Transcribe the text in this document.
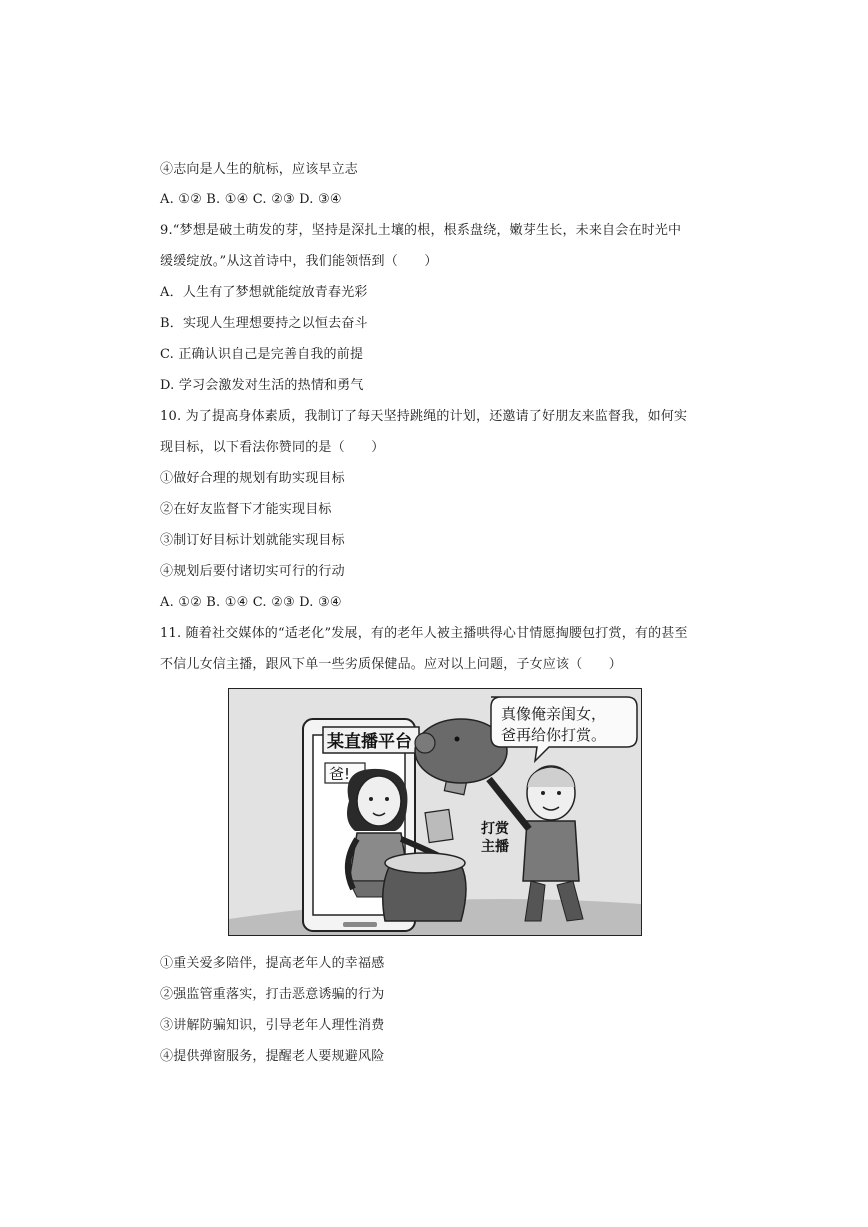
④志向是人生的航标，应该早立志
A. ①② B. ①④ C. ②③ D. ③④
9.“梦想是破土萌发的芽，坚持是深扎土壤的根，根系盘绕，嫩芽生长，未来自会在时光中
缓缓绽放。”从这首诗中，我们能领悟到（　　）
A．人生有了梦想就能绽放青春光彩
B．实现人生理想要持之以恒去奋斗
C. 正确认识自己是完善自我的前提
D. 学习会激发对生活的热情和勇气
10. 为了提高身体素质，我制订了每天坚持跳绳的计划，还邀请了好朋友来监督我，如何实
现目标，以下看法你赞同的是（　　）
①做好合理的规划有助实现目标
②在好友监督下才能实现目标
③制订好目标计划就能实现目标
④规划后要付诸切实可行的行动
A. ①② B. ①④ C. ②③ D. ③④
11. 随着社交媒体的“适老化”发展，有的老年人被主播哄得心甘情愿掏腰包打赏，有的甚至
不信儿女信主播，跟风下单一些劣质保健品。应对以上问题，子女应该（　　）
①重关爱多陪伴，提高老年人的幸福感
②强监管重落实，打击恶意诱骗的行为
③讲解防骗知识，引导老年人理性消费
④提供弹窗服务，提醒老人要规避风险
某直播平台
爸!
真像俺亲闺女，
爸再给你打赏。
打赏
主播
